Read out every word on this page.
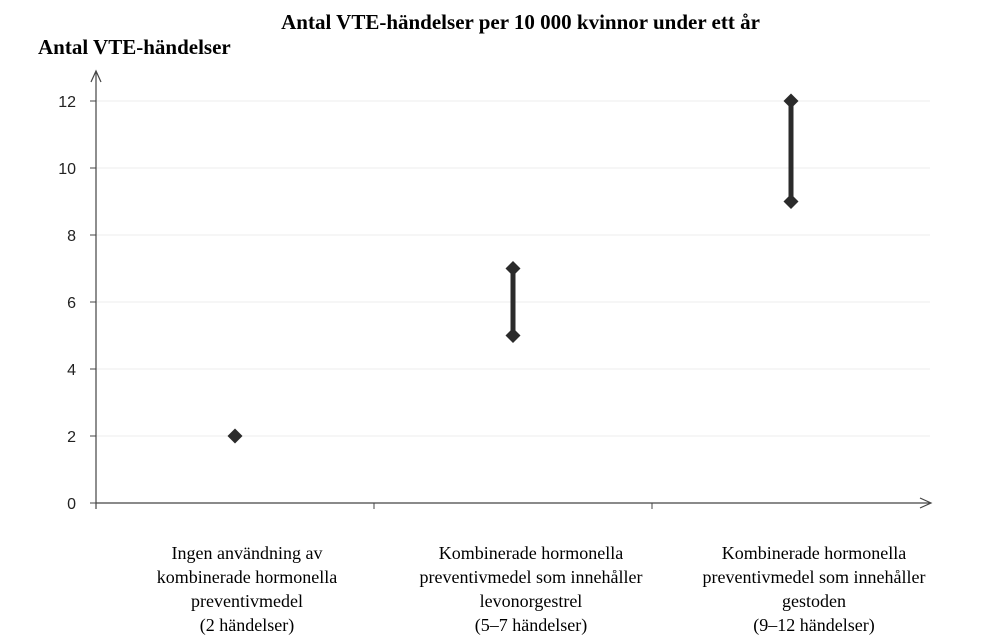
Antal VTE-händelser per 10 000 kvinnor under ett år
Antal VTE-händelser
0
2
4
6
8
10
12
Ingen användning av
kombinerade hormonella
preventivmedel
(2 händelser)
Kombinerade hormonella
preventivmedel som innehåller
levonorgestrel
(5–7 händelser)
Kombinerade hormonella
preventivmedel som innehåller
gestoden
(9–12 händelser)
